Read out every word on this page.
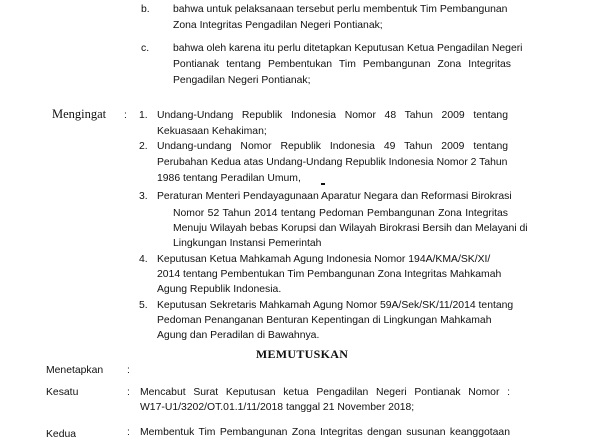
b. bahwa untuk pelaksanaan tersebut perlu membentuk Tim Pembangunan
Zona Integritas Pengadilan Negeri Pontianak;
c. bahwa oleh karena itu perlu ditetapkan Keputusan Ketua Pengadilan Negeri
Pontianak tentang Pembentukan Tim Pembangunan Zona Integritas
Pengadilan Negeri Pontianak;
Mengingat : 1. Undang-Undang Republik Indonesia Nomor 48 Tahun 2009 tentang
Kekuasaan Kehakiman;
2. Undang-undang Nomor Republik Indonesia 49 Tahun 2009 tentang
Perubahan Kedua atas Undang-Undang Republik Indonesia Nomor 2 Tahun
1986 tentang Peradilan Umum,
3. Peraturan Menteri Pendayagunaan Aparatur Negara dan Reformasi Birokrasi
Nomor 52 Tahun 2014 tentang Pedoman Pembangunan Zona Integritas
Menuju Wilayah bebas Korupsi dan Wilayah Birokrasi Bersih dan Melayani di
Lingkungan Instansi Pemerintah
4. Keputusan Ketua Mahkamah Agung Indonesia Nomor 194A/KMA/SK/XI/
2014 tentang Pembentukan Tim Pembangunan Zona Integritas Mahkamah
Agung Republik Indonesia.
5. Keputusan Sekretaris Mahkamah Agung Nomor 59A/Sek/SK/11/2014 tentang
Pedoman Penanganan Benturan Kepentingan di Lingkungan Mahkamah
Agung dan Peradilan di Bawahnya.
MEMUTUSKAN
Menetapkan :
Kesatu	: Mencabut Surat Keputusan ketua Pengadilan Negeri Pontianak Nomor :
W17-U1/3202/OT.01.1/11/2018 tanggal 21 November 2018;
Kedua	: Membentuk Tim Pembangunan Zona Integritas dengan susunan keanggotaan
